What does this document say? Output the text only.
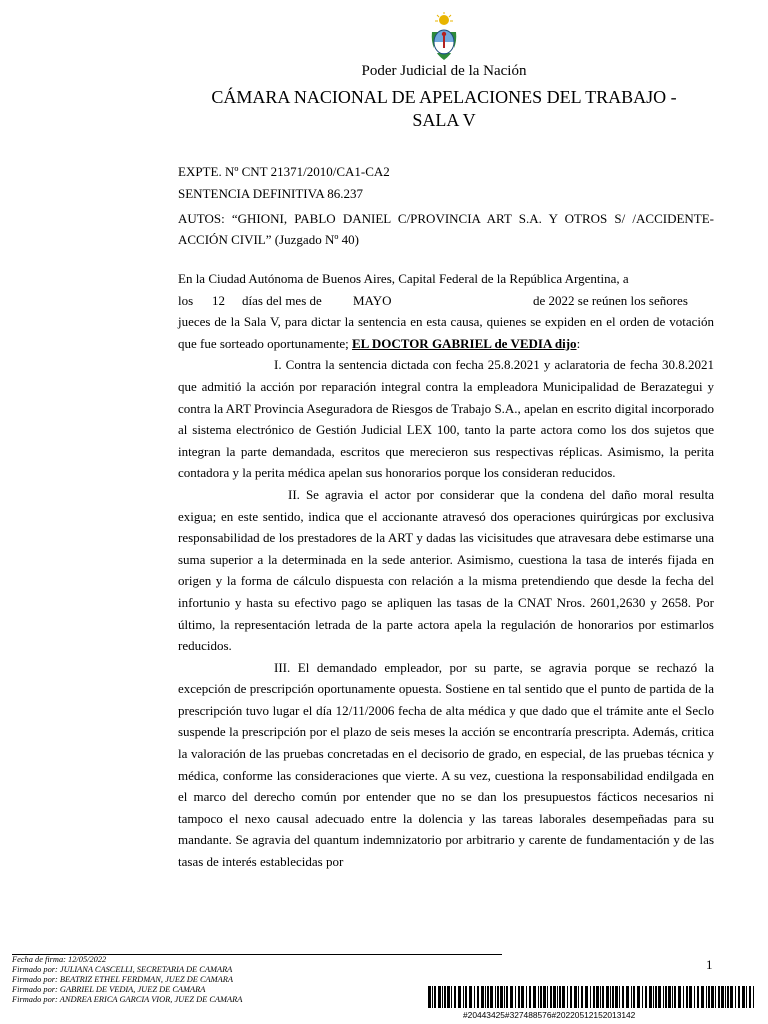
Poder Judicial de la Nación
CÁMARA NACIONAL DE APELACIONES DEL TRABAJO -
SALA V
EXPTE. Nº CNT 21371/2010/CA1-CA2
SENTENCIA DEFINITIVA 86.237
AUTOS: “GHIONI, PABLO DANIEL C/PROVINCIA ART S.A. Y OTROS S/ /ACCIDENTE-ACCIÓN CIVIL” (Juzgado Nº 40)

En la Ciudad Autónoma de Buenos Aires, Capital Federal de la República Argentina, a

los	12	días del mes de	MAYO	de 2022 se reúnen los señores

jueces de la Sala V, para dictar la sentencia en esta causa, quienes se expiden en el orden de votación que fue sorteado oportunamente; EL DOCTOR GABRIEL de VEDIA dijo:

I. Contra la sentencia dictada con fecha 25.8.2021 y aclaratoria de fecha 30.8.2021 que admitió la acción por reparación integral contra la empleadora Municipalidad de Berazategui y contra la ART Provincia Aseguradora de Riesgos de Trabajo S.A., apelan en escrito digital incorporado al sistema electrónico de Gestión Judicial LEX 100, tanto la parte actora como los dos sujetos que integran la parte demandada, escritos que merecieron sus respectivas réplicas. Asimismo, la perita contadora y la perita médica apelan sus honorarios porque los consideran reducidos.

II. Se agravia el actor por considerar que la condena del daño moral resulta exigua; en este sentido, indica que el accionante atravesó dos operaciones quirúrgicas por exclusiva responsabilidad de los prestadores de la ART y dadas las vicisitudes que atravesara debe estimarse una suma superior a la determinada en la sede anterior. Asimismo, cuestiona la tasa de interés fijada en origen y la forma de cálculo dispuesta con relación a la misma pretendiendo que desde la fecha del infortunio y hasta su efectivo pago se apliquen las tasas de la CNAT Nros. 2601,2630 y 2658. Por último, la representación letrada de la parte actora apela la regulación de honorarios por estimarlos reducidos.

III. El demandado empleador, por su parte, se agravia porque se rechazó la excepción de prescripción oportunamente opuesta. Sostiene en tal sentido que el punto de partida de la prescripción tuvo lugar el día 12/11/2006 fecha de alta médica y que dado que el trámite ante el Seclo suspende la prescripción por el plazo de seis meses la acción se encontraría prescripta. Además, critica la valoración de las pruebas concretadas en el decisorio de grado, en especial, de las pruebas técnica y médica, conforme las consideraciones que vierte. A su vez, cuestiona la responsabilidad endilgada en el marco del derecho común por entender que no se dan los presupuestos fácticos necesarios ni tampoco el nexo causal adecuado entre la dolencia y las tareas laborales desempeñadas para su mandante. Se agravia del quantum indemnizatorio por arbitrario y carente de fundamentación y de las tasas de interés establecidas por

Fecha de firma: 12/05/2022
Firmado por: JULIANA CASCELLI, SECRETARIA DE CAMARA
Firmado por: BEATRIZ ETHEL FERDMAN, JUEZ DE CAMARA
Firmado por: GABRIEL DE VEDIA, JUEZ DE CAMARA
Firmado por: ANDREA ERICA GARCIA VIOR, JUEZ DE CAMARA
1
#20443425#327488576#20220512152013142
